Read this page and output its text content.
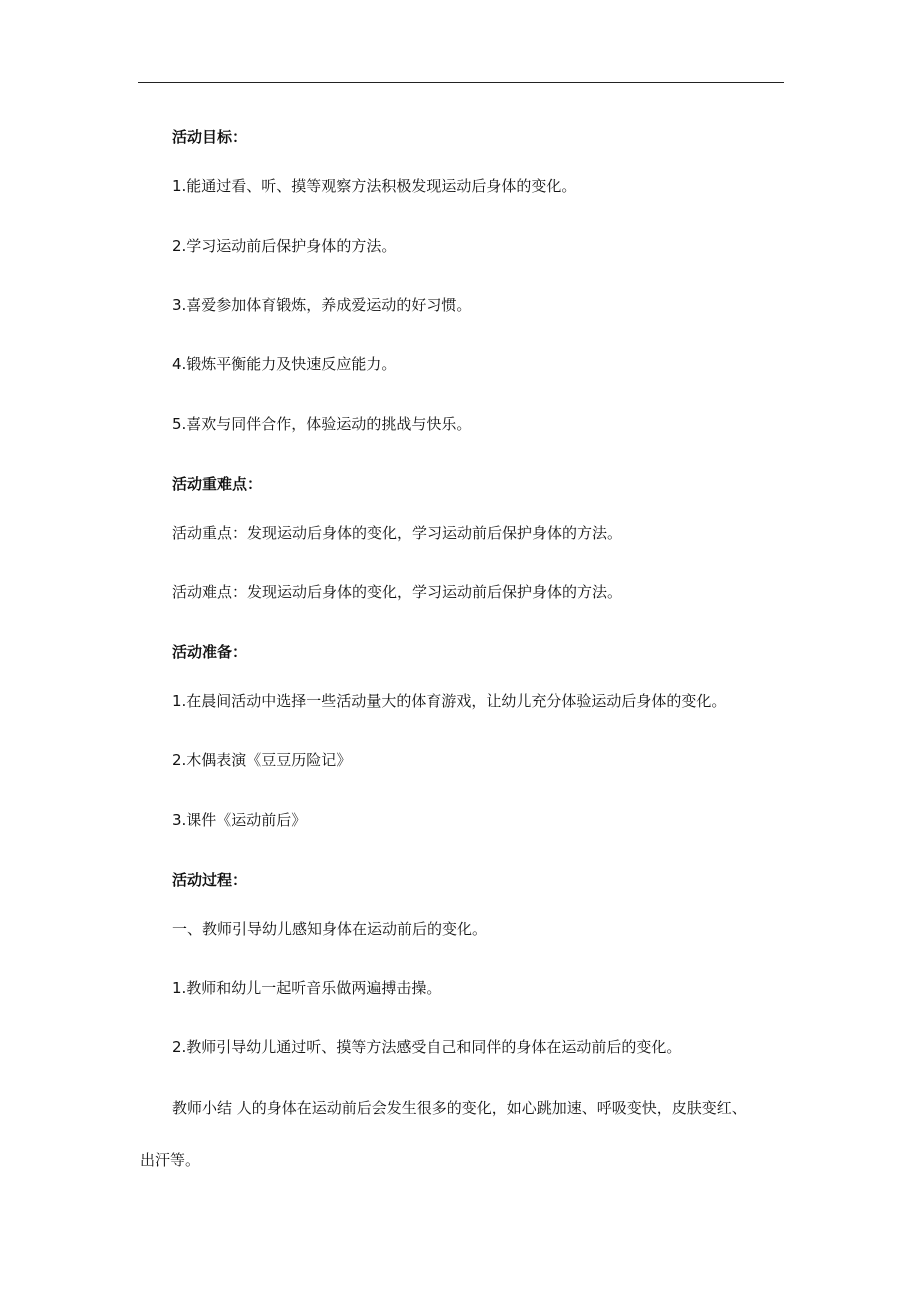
活动目标：
1.能通过看、听、摸等观察方法积极发现运动后身体的变化。
2.学习运动前后保护身体的方法。
3.喜爱参加体育锻炼，养成爱运动的好习惯。
4.锻炼平衡能力及快速反应能力。
5.喜欢与同伴合作，体验运动的挑战与快乐。
活动重难点：
活动重点：发现运动后身体的变化，学习运动前后保护身体的方法。
活动难点：发现运动后身体的变化，学习运动前后保护身体的方法。
活动准备：
1.在晨间活动中选择一些活动量大的体育游戏，让幼儿充分体验运动后身体的变化。
2.木偶表演《豆豆历险记》
3.课件《运动前后》
活动过程：
一、教师引导幼儿感知身体在运动前后的变化。
1.教师和幼儿一起听音乐做两遍搏击操。
2.教师引导幼儿通过听、摸等方法感受自己和同伴的身体在运动前后的变化。
教师小结 人的身体在运动前后会发生很多的变化，如心跳加速、呼吸变快，皮肤变红、
出汗等。
